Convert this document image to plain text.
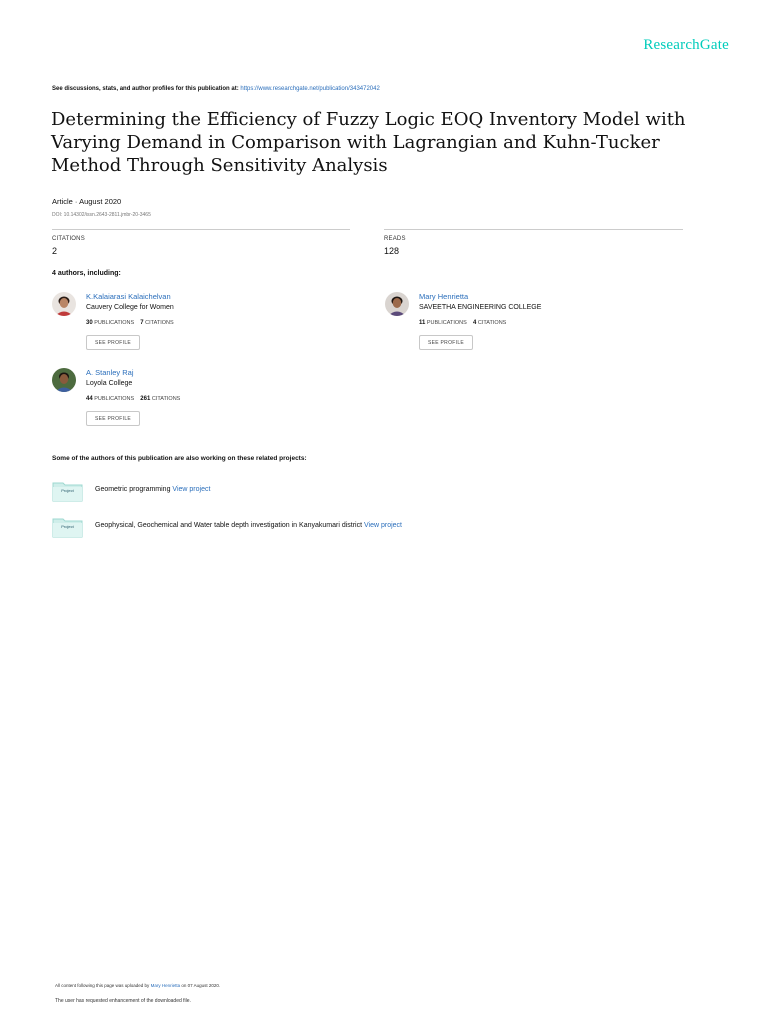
ResearchGate
See discussions, stats, and author profiles for this publication at: https://www.researchgate.net/publication/343472042
Determining the Efficiency of Fuzzy Logic EOQ Inventory Model with Varying Demand in Comparison with Lagrangian and Kuhn-Tucker Method Through Sensitivity Analysis
Article · August 2020
DOI: 10.14302/issn.2643-2811.jmbr-20-3465
CITATIONS
2
READS
128
4 authors, including:
K.Kalaiarasi Kalaichelvan
Cauvery College for Women
30 PUBLICATIONS 7 CITATIONS
SEE PROFILE
Mary Henrietta
SAVEETHA ENGINEERING COLLEGE
11 PUBLICATIONS 4 CITATIONS
SEE PROFILE
A. Stanley Raj
Loyola College
44 PUBLICATIONS 261 CITATIONS
SEE PROFILE
Some of the authors of this publication are also working on these related projects:
Project	Geometric programming View project
Project	Geophysical, Geochemical and Water table depth investigation in Kanyakumari district View project
All content following this page was uploaded by Mary Henrietta on 07 August 2020.
The user has requested enhancement of the downloaded file.
